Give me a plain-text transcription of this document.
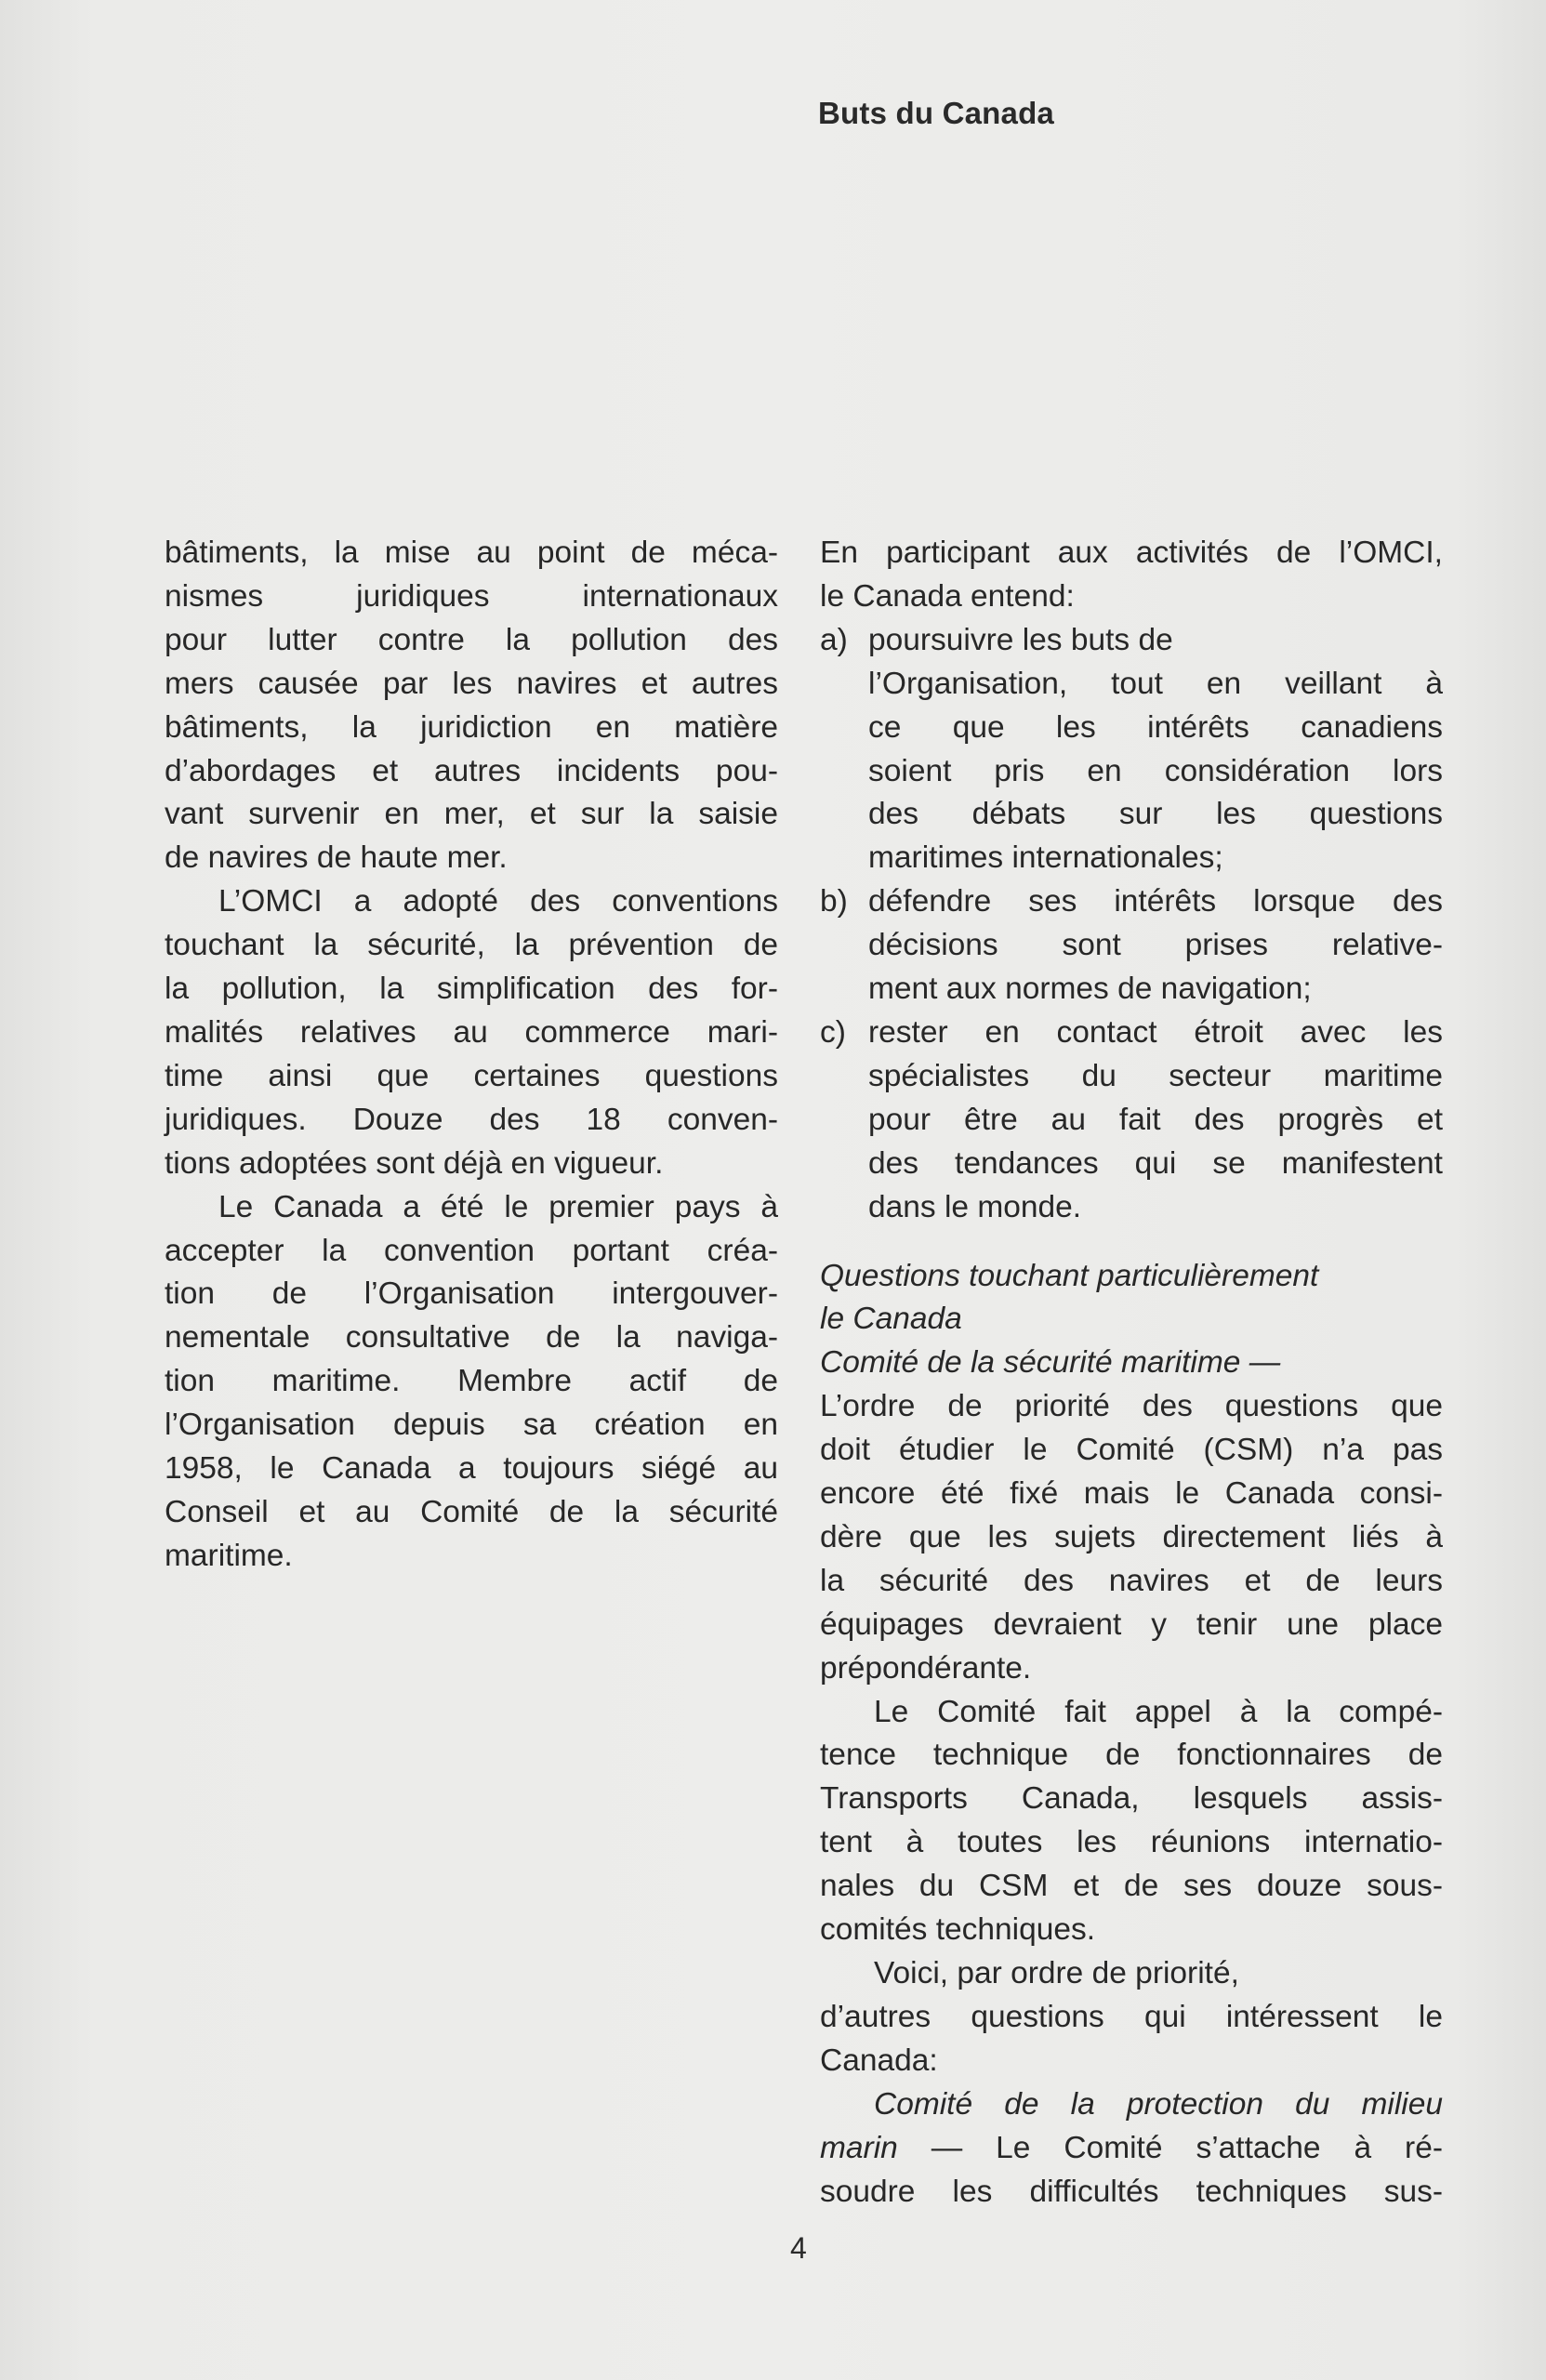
Buts du Canada
bâtiments, la mise au point de méca-
nismes juridiques internationaux
pour lutter contre la pollution des
mers causée par les navires et autres
bâtiments, la juridiction en matière
d’abordages et autres incidents pou-
vant survenir en mer, et sur la saisie
de navires de haute mer.
L’OMCI a adopté des conventions
touchant la sécurité, la prévention de
la pollution, la simplification des for-
malités relatives au commerce mari-
time ainsi que certaines questions
juridiques. Douze des 18 conven-
tions adoptées sont déjà en vigueur.
Le Canada a été le premier pays à
accepter la convention portant créa-
tion de l’Organisation intergouver-
nementale consultative de la naviga-
tion maritime. Membre actif de
l’Organisation depuis sa création en
1958, le Canada a toujours siégé au
Conseil et au Comité de la sécurité
maritime.
En participant aux activités de l’OMCI,
le Canada entend:
a) poursuivre les buts de
l’Organisation, tout en veillant à
ce que les intérêts canadiens
soient pris en considération lors
des débats sur les questions
maritimes internationales;
b) défendre ses intérêts lorsque des
décisions sont prises relative-
ment aux normes de navigation;
c) rester en contact étroit avec les
spécialistes du secteur maritime
pour être au fait des progrès et
des tendances qui se manifestent
dans le monde.
Questions touchant particulièrement
le Canada
Comité de la sécurité maritime —
L’ordre de priorité des questions que
doit étudier le Comité (CSM) n’a pas
encore été fixé mais le Canada consi-
dère que les sujets directement liés à
la sécurité des navires et de leurs
équipages devraient y tenir une place
prépondérante.
Le Comité fait appel à la compé-
tence technique de fonctionnaires de
Transports Canada, lesquels assis-
tent à toutes les réunions internatio-
nales du CSM et de ses douze sous-
comités techniques.
Voici, par ordre de priorité,
d’autres questions qui intéressent le
Canada:
Comité de la protection du milieu
marin — Le Comité s’attache à ré-
soudre les difficultés techniques sus-
4
